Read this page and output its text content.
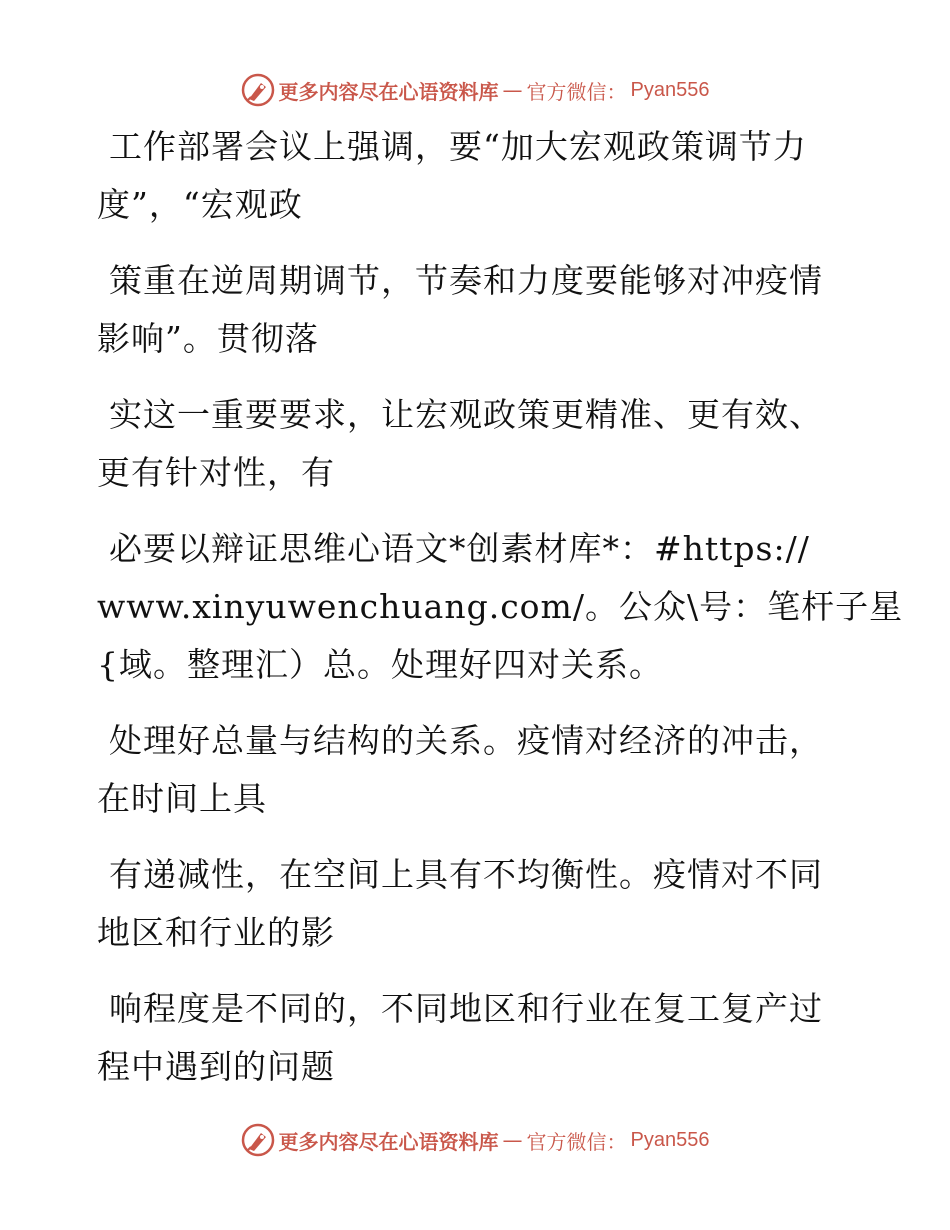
更多内容尽在心语资料库 — 官方微信： Pyan556
工作部署会议上强调，要“加大宏观政策调节力
度”，“宏观政
策重在逆周期调节，节奏和力度要能够对冲疫情
影响”。贯彻落
实这一重要要求，让宏观政策更精准、更有效、
更有针对性，有
必要以辩证思维心语文*创素材库*：#https://
www.xinyuwenchuang.com/。公众\号：笔杆子星
{域。整理汇）总。处理好四对关系。
处理好总量与结构的关系。疫情对经济的冲击，
在时间上具
有递减性，在空间上具有不均衡性。疫情对不同
地区和行业的影
响程度是不同的，不同地区和行业在复工复产过
程中遇到的问题
更多内容尽在心语资料库 — 官方微信： Pyan556
